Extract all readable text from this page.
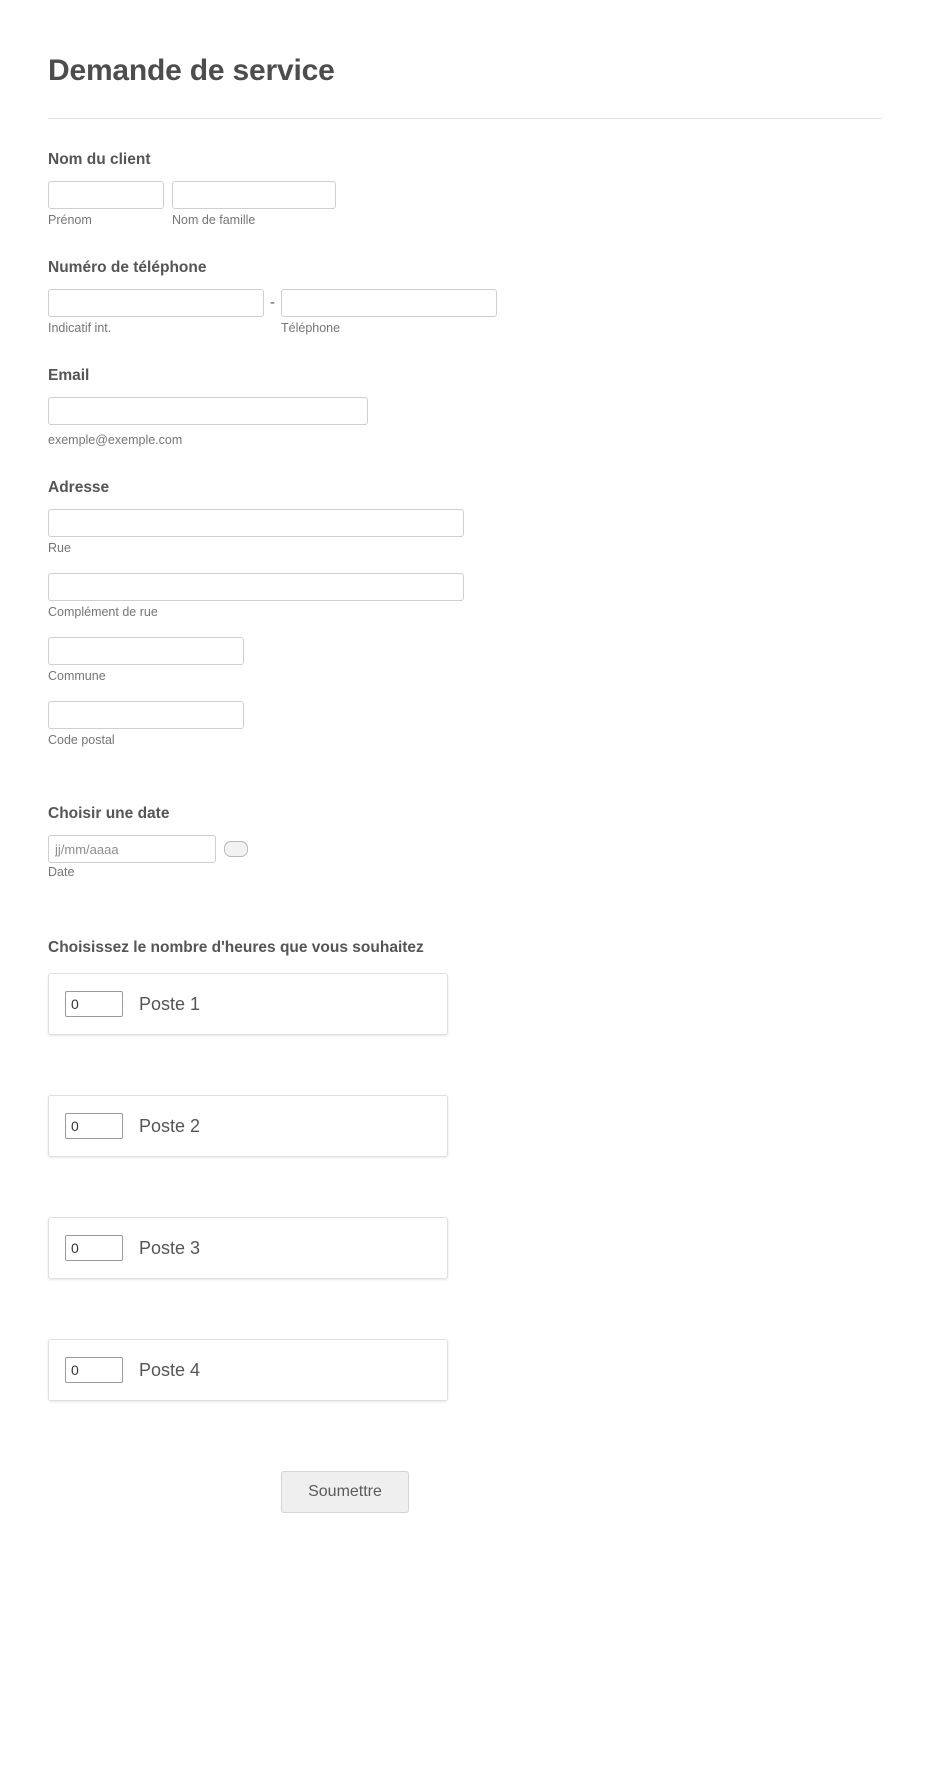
Demande de service
Nom du client
Prénom	Nom de famille
Numéro de téléphone
Indicatif int.
-
Téléphone
Email
exemple@exemple.com
Adresse
Rue
Complément de rue
Commune
Code postal
Choisir une date
jj/mm/aaaa
Date
Choisissez le nombre d'heures que vous souhaitez
0
Poste 1
0
Poste 2
0
Poste 3
0
Poste 4
Soumettre
